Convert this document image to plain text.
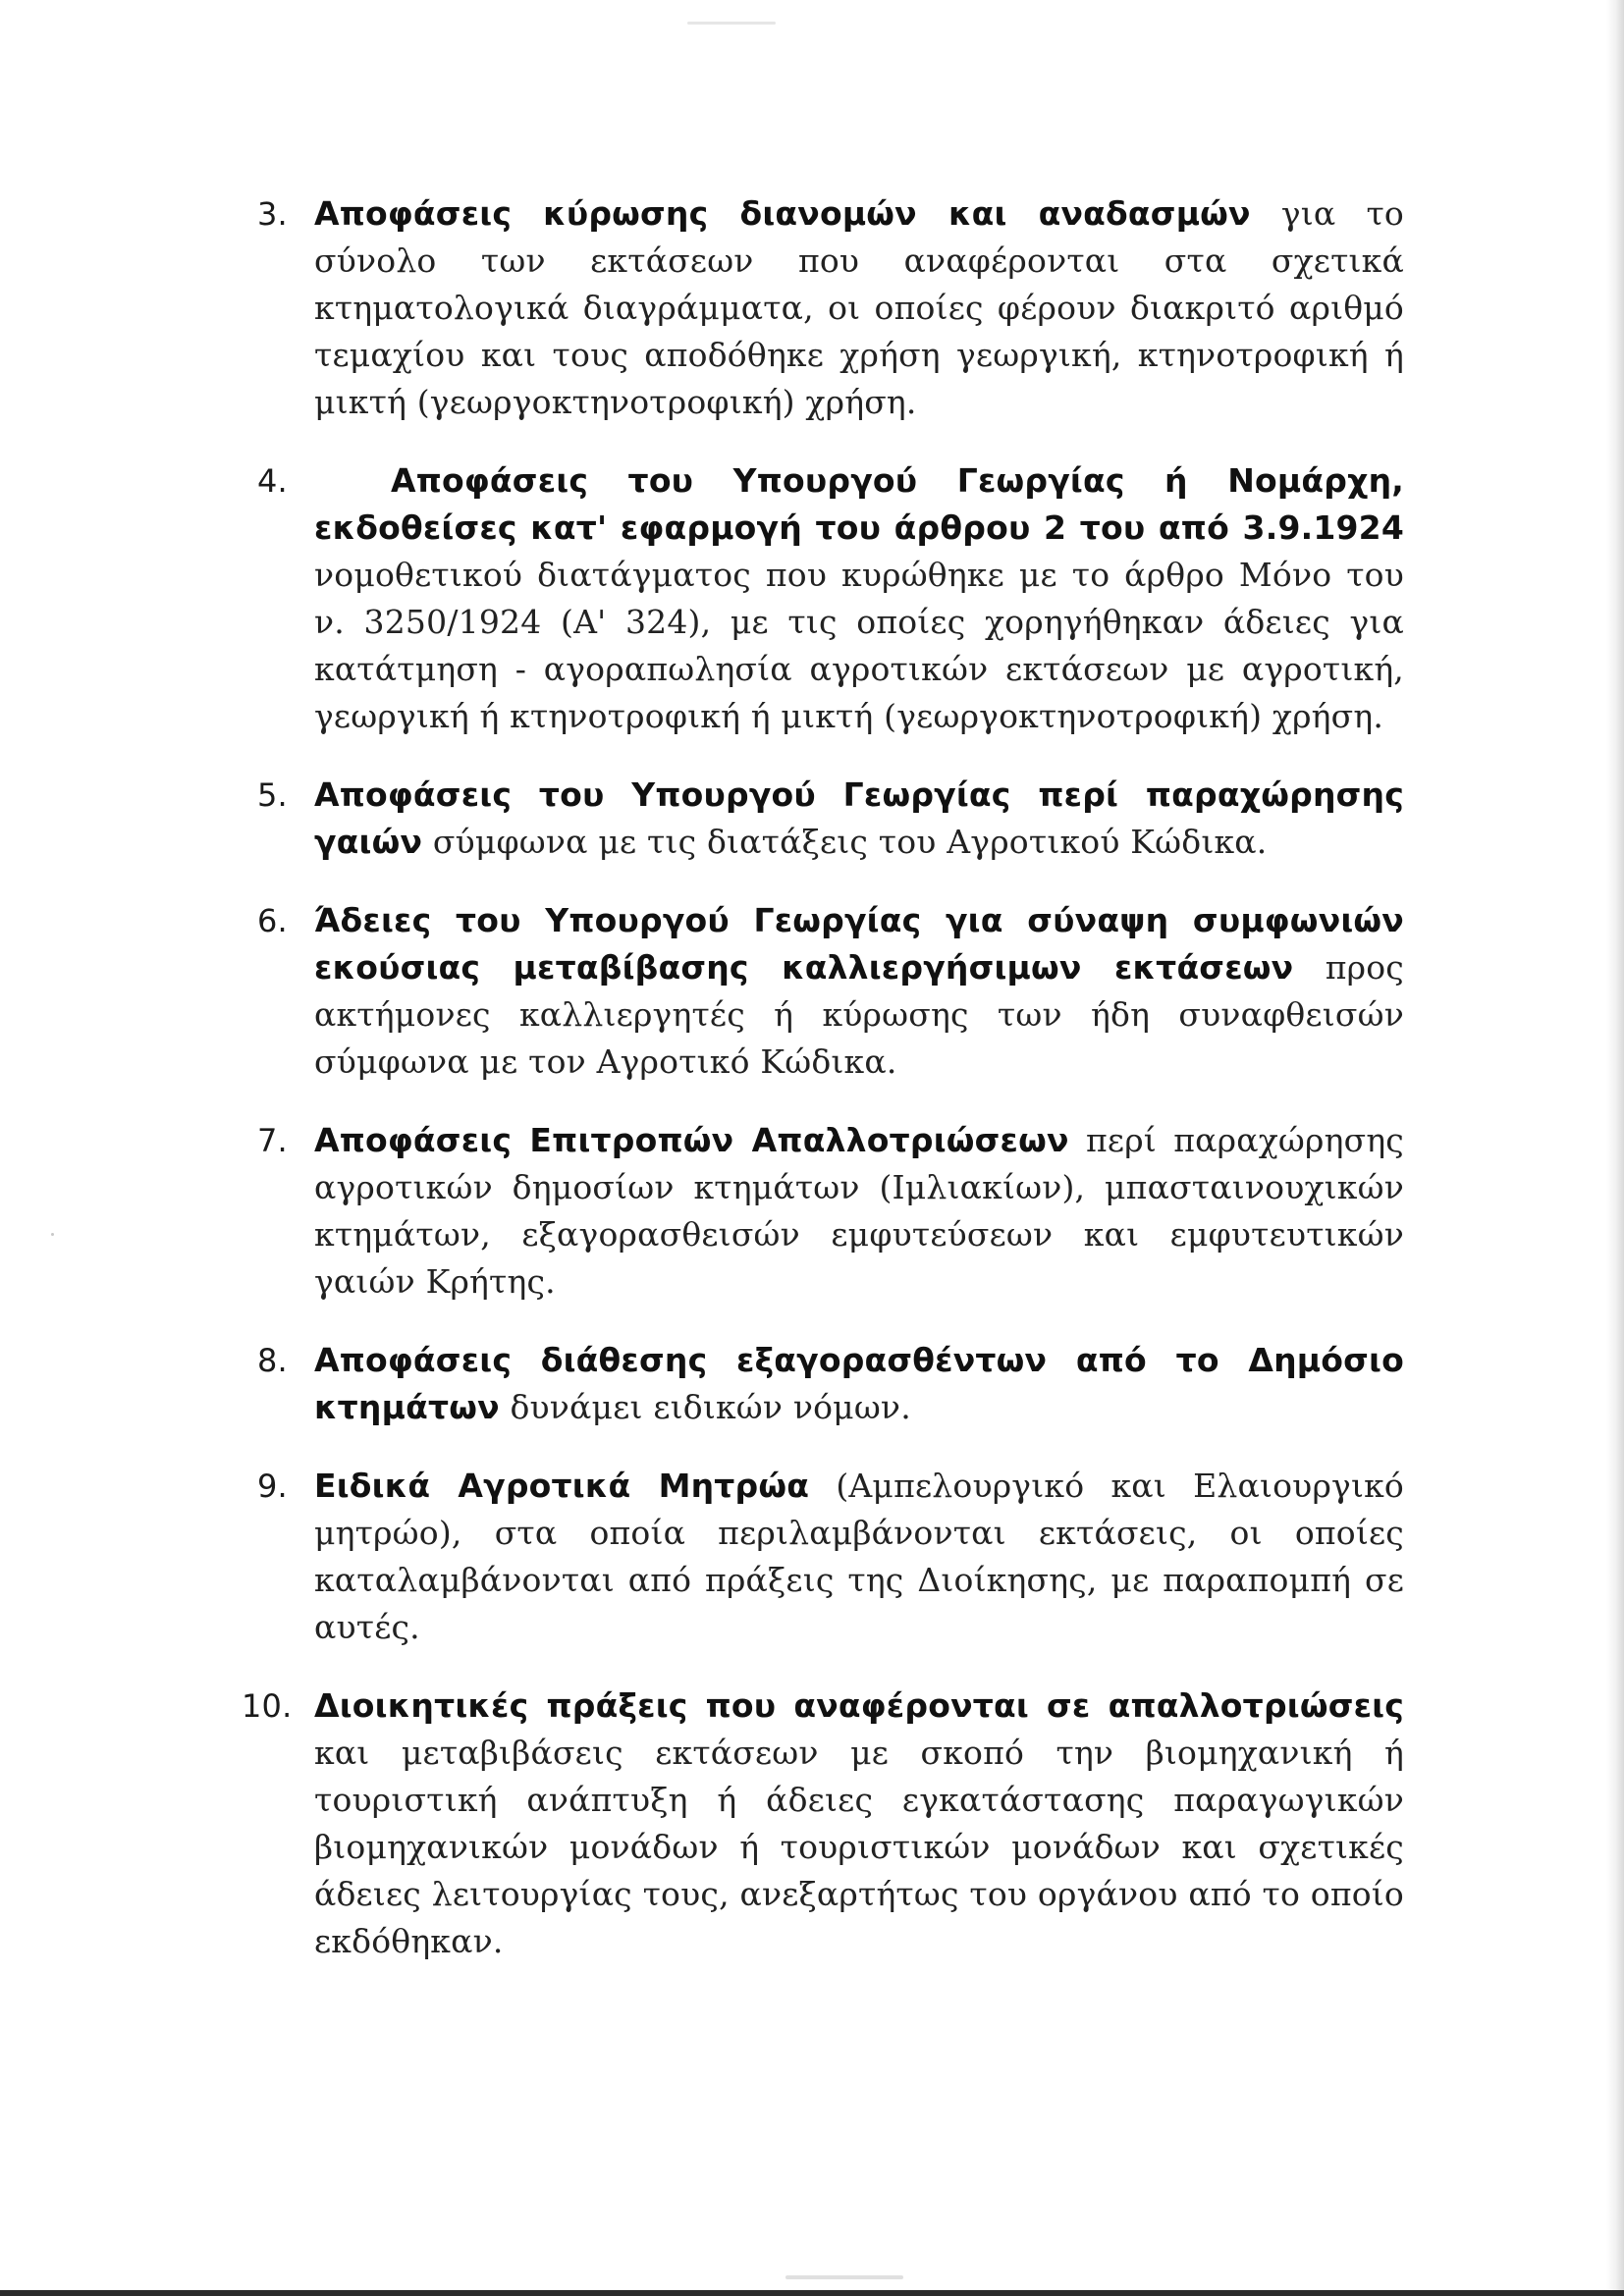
3. Αποφάσεις κύρωσης διανομών και αναδασμών για το σύνολο των εκτάσεων που αναφέρονται στα σχετικά κτηματολογικά διαγράμματα, οι οποίες φέρουν διακριτό αριθμό τεμαχίου και τους αποδόθηκε χρήση γεωργική, κτηνοτροφική ή μικτή (γεωργοκτηνοτροφική) χρήση.
4.	Αποφάσεις του Υπουργού Γεωργίας ή Νομάρχη, εκδοθείσες κατ' εφαρμογή του άρθρου 2 του από 3.9.1924 νομοθετικού διατάγματος που κυρώθηκε με το άρθρο Μόνο του ν. 3250/1924 (Α' 324), με τις οποίες χορηγήθηκαν άδειες για κατάτμηση - αγοραπωλησία αγροτικών εκτάσεων με αγροτική, γεωργική ή κτηνοτροφική ή μικτή (γεωργοκτηνοτροφική) χρήση.
5. Αποφάσεις του Υπουργού Γεωργίας περί παραχώρησης γαιών σύμφωνα με τις διατάξεις του Αγροτικού Κώδικα.
6. Άδειες του Υπουργού Γεωργίας για σύναψη συμφωνιών εκούσιας μεταβίβασης καλλιεργήσιμων εκτάσεων προς ακτήμονες καλλιεργητές ή κύρωσης των ήδη συναφθεισών σύμφωνα με τον Αγροτικό Κώδικα.
7. Αποφάσεις Επιτροπών Απαλλοτριώσεων περί παραχώρησης αγροτικών δημοσίων κτημάτων (Ιμλιακίων), μπασταινουχικών κτημάτων, εξαγορασθεισών εμφυτεύσεων και εμφυτευτικών γαιών Κρήτης.
8. Αποφάσεις διάθεσης εξαγορασθέντων από το Δημόσιο κτημάτων δυνάμει ειδικών νόμων.
9. Ειδικά Αγροτικά Μητρώα (Αμπελουργικό και Ελαιουργικό μητρώο), στα οποία περιλαμβάνονται εκτάσεις, οι οποίες καταλαμβάνονται από πράξεις της Διοίκησης, με παραπομπή σε αυτές.
10. Διοικητικές πράξεις που αναφέρονται σε απαλλοτριώσεις και μεταβιβάσεις εκτάσεων με σκοπό την βιομηχανική ή τουριστική ανάπτυξη ή άδειες εγκατάστασης παραγωγικών βιομηχανικών μονάδων ή τουριστικών μονάδων και σχετικές άδειες λειτουργίας τους, ανεξαρτήτως του οργάνου από το οποίο εκδόθηκαν.
